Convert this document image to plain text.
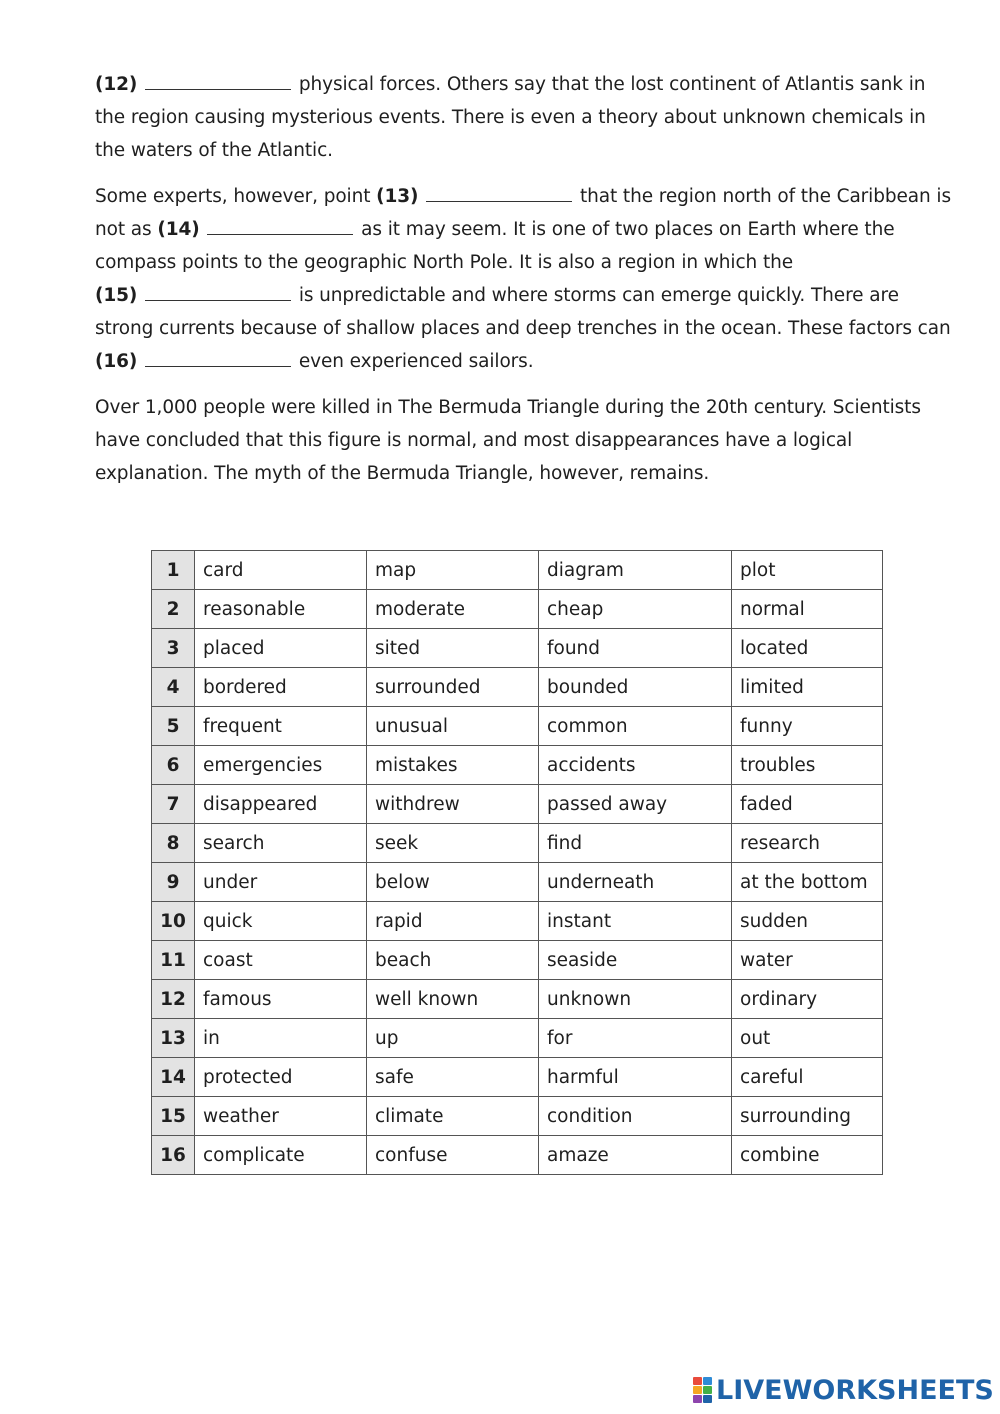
(12)	physical forces. Others say that the lost continent of Atlantis sank in the region causing mysterious events. There is even a theory about unknown chemicals in the waters of the Atlantic.

Some experts, however, point (13)	that the region north of the Caribbean is not as (14)	as it may seem. It is one of two places on Earth where the compass points to the geographic North Pole. It is also a region in which the
(15)	is unpredictable and where storms can emerge quickly. There are strong currents because of shallow places and deep trenches in the ocean. These factors can (16)	even experienced sailors.

Over 1,000 people were killed in The Bermuda Triangle during the 20th century. Scientists have concluded that this figure is normal, and most disappearances have a logical explanation. The myth of the Bermuda Triangle, however, remains.

1	card	map	diagram	plot
2	reasonable	moderate	cheap	normal
3	placed	sited	found	located
4	bordered	surrounded	bounded	limited
5	frequent	unusual	common	funny
6	emergencies	mistakes	accidents	troubles
7	disappeared	withdrew	passed away	faded
8	search	seek	find	research
9	under	below	underneath	at the bottom
10	quick	rapid	instant	sudden
11	coast	beach	seaside	water
12	famous	well known	unknown	ordinary
13	in	up	for	out
14	protected	safe	harmful	careful
15	weather	climate	condition	surrounding
16	complicate	confuse	amaze	combine
LIVEWORKSHEETS
